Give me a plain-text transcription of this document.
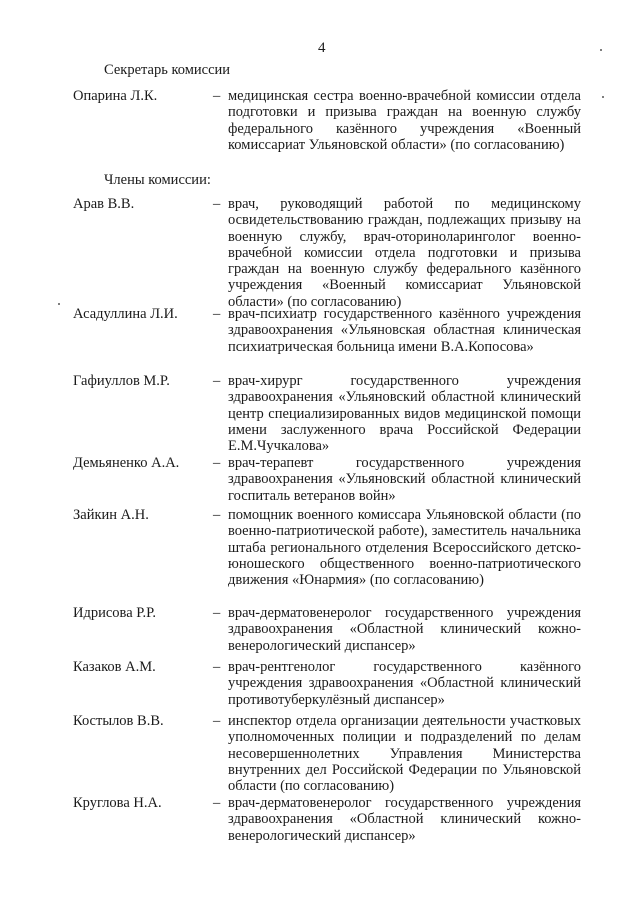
4
Секретарь комиссии
Опарина Л.К.	– медицинская сестра военно-врачебной комиссии отдела подготовки и призыва граждан на военную службу федерального казённого учреждения «Военный комиссариат Ульяновской области» (по согласованию)
Члены комиссии:
Арав В.В.	– врач, руководящий работой по медицинскому освидетельствованию граждан, подлежащих призыву на военную службу, врач-оториноларинголог военно-врачебной комиссии отдела подготовки и призыва граждан на военную службу федерального казённого учреждения «Военный комиссариат Ульяновской области» (по согласованию)
Асадуллина Л.И. – врач-психиатр государственного казённого учреждения здравоохранения «Ульяновская областная клиническая психиатрическая больница имени В.А.Копосова»
Гафиуллов М.Р.	– врач-хирург государственного учреждения здравоохранения «Ульяновский областной клинический центр специализированных видов медицинской помощи имени заслуженного врача Российской Федерации Е.М.Чучкалова»
Демьяненко А.А. – врач-терапевт государственного учреждения здравоохранения «Ульяновский областной клинический госпиталь ветеранов войн»
Зайкин А.Н.	– помощник военного комиссара Ульяновской области (по военно-патриотической работе), заместитель начальника штаба регионального отделения Всероссийского детско-юношеского общественного военно-патриотического движения «Юнармия» (по согласованию)
Идрисова Р.Р.	– врач-дерматовенеролог государственного учреждения здравоохранения «Областной клинический кожно-венерологический диспансер»
Казаков А.М.	– врач-рентгенолог государственного казённого учреждения здравоохранения «Областной клинический противотуберкулёзный диспансер»
Костылов В.В.	– инспектор отдела организации деятельности участковых уполномоченных полиции и подразделений по делам несовершеннолетних Управления Министерства внутренних дел Российской Федерации по Ульяновской области (по согласованию)
Круглова Н.А.	– врач-дерматовенеролог государственного учреждения здравоохранения «Областной клинический кожно-венерологический диспансер»
